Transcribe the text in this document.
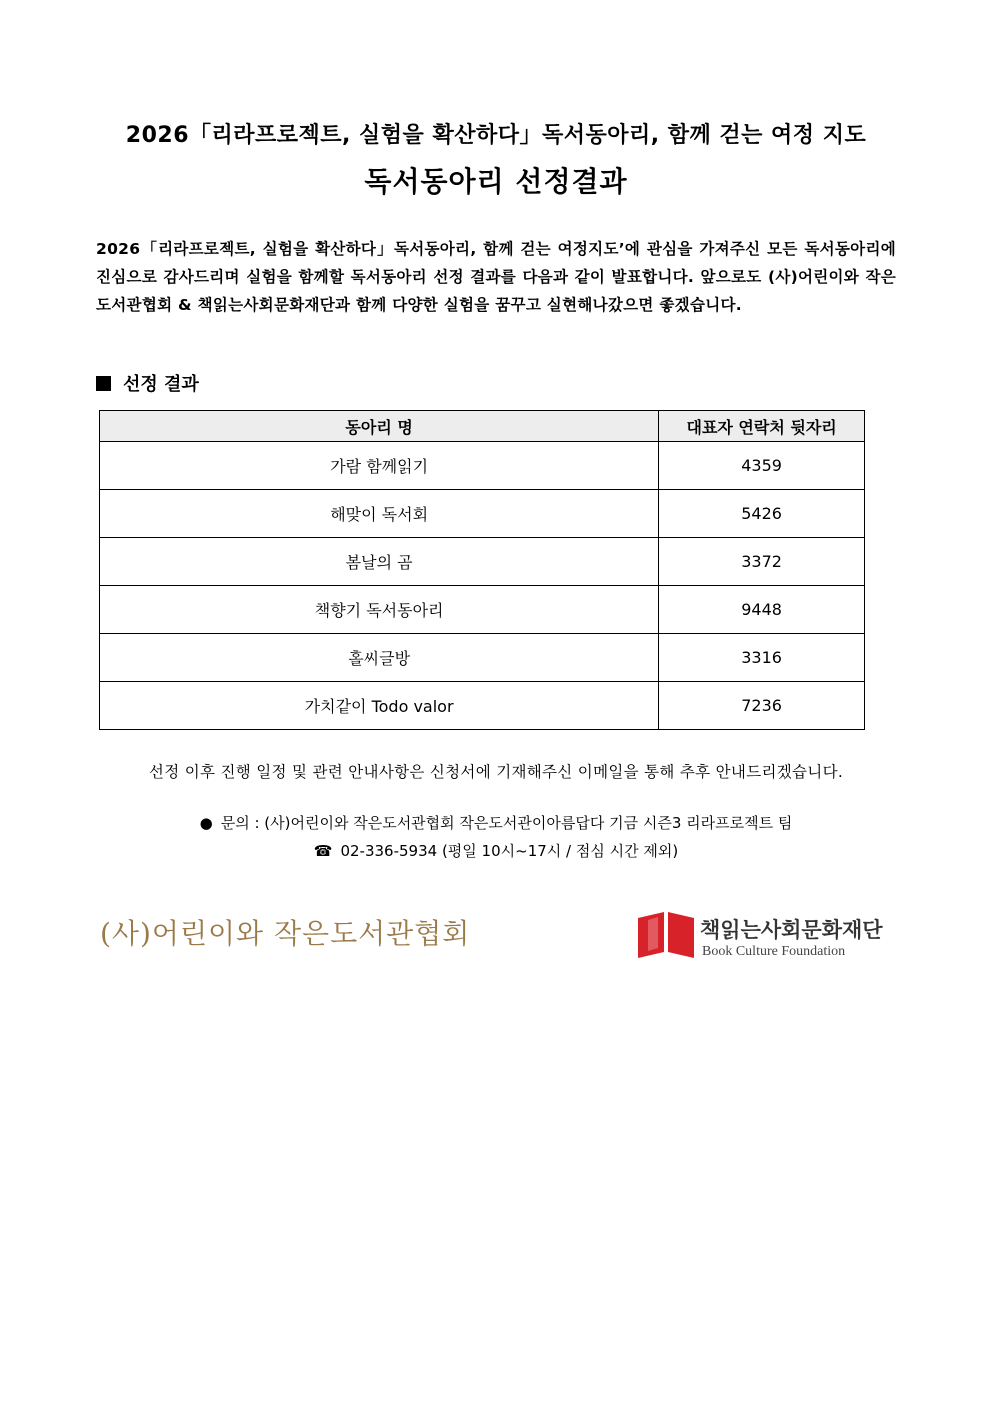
2026「리라프로젝트, 실험을 확산하다」독서동아리, 함께 걷는 여정 지도
독서동아리 선정결과
2026「리라프로젝트, 실험을 확산하다」독서동아리, 함께 걷는 여정지도’에 관심을 가져주신 모든 독서동아리에 진심으로 감사드리며 실험을 함께할 독서동아리 선정 결과를 다음과 같이 발표합니다. 앞으로도 (사)어린이와 작은도서관협회 & 책읽는사회문화재단과 함께 다양한 실험을 꿈꾸고 실현해나갔으면 좋겠습니다.
선정 결과
동아리 명	대표자 연락처 뒷자리
가람 함께읽기	4359
해맞이 독서회	5426
봄날의 곰	3372
책향기 독서동아리	9448
홀씨글방	3316
가치같이 Todo valor	7236
선정 이후 진행 일정 및 관련 안내사항은 신청서에 기재해주신 이메일을 통해 추후 안내드리겠습니다.
● 문의 : (사)어린이와 작은도서관협회 작은도서관이아름답다 기금 시즌3 리라프로젝트 팀
☎ 02-336-5934 (평일 10시~17시 / 점심 시간 제외)
(사)어린이와 작은도서관협회	책읽는사회문화재단
Book Culture Foundation
